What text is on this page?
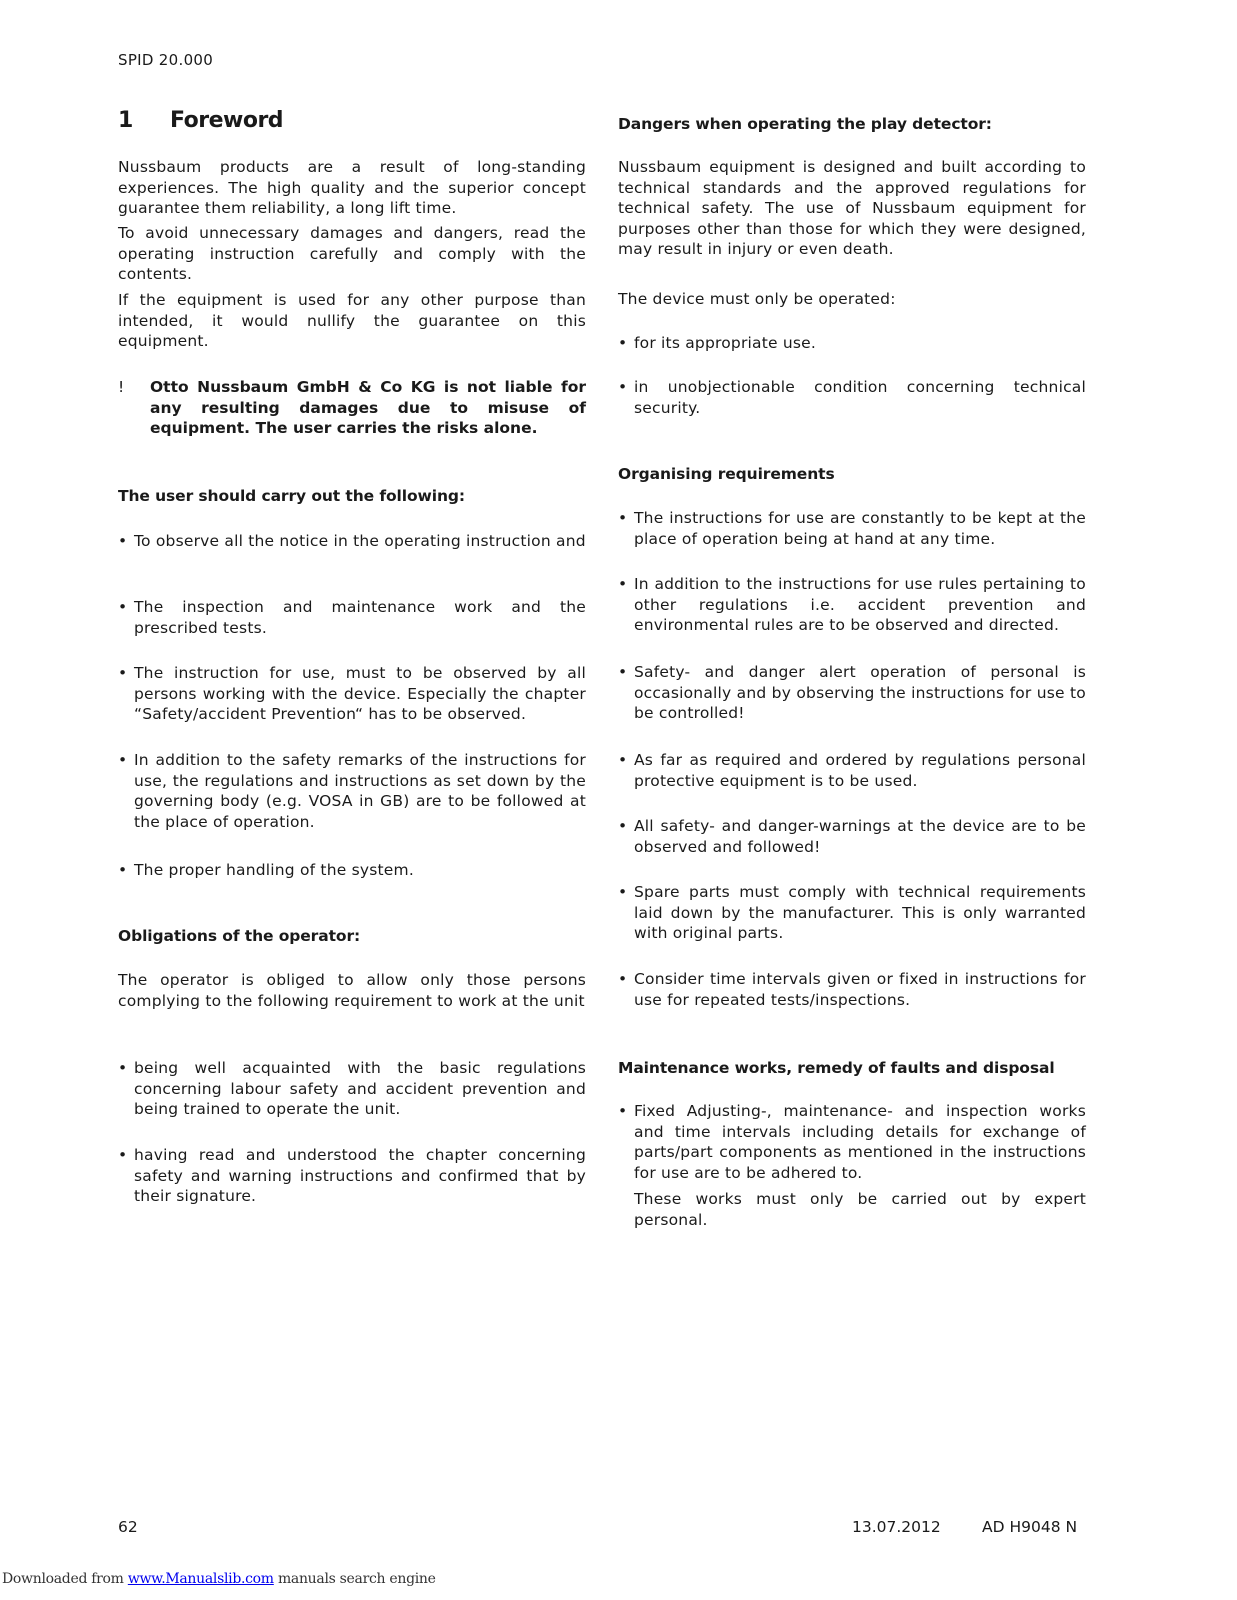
SPID 20.000
1 Foreword

Nussbaum products are a result of long-standing experiences. The high quality and the superior concept guarantee them reliability, a long lift time.

To avoid unnecessary damages and dangers, read the operating instruction carefully and comply with the contents.

If the equipment is used for any other purpose than intended, it would nullify the guarantee on this equipment.

! Otto Nussbaum GmbH & Co KG is not liable for any resulting damages due to misuse of equipment. The user carries the risks alone.

The user should carry out the following:

• To observe all the notice in the operating instruction and
• The inspection and maintenance work and the prescribed tests.
• The instruction for use, must to be observed by all persons working with the device. Especially the chapter “Safety/accident Prevention“ has to be observed.
• In addition to the safety remarks of the instructions for use, the regulations and instructions as set down by the governing body (e.g. VOSA in GB) are to be followed at the place of operation.
• The proper handling of the system.

Obligations of the operator:

The operator is obliged to allow only those persons complying to the following requirement to work at the unit

• being well acquainted with the basic regulations concerning labour safety and accident prevention and being trained to operate the unit.
• having read and understood the chapter concerning safety and warning instructions and confirmed that by their signature.

Dangers when operating the play detector:

Nussbaum equipment is designed and built according to technical standards and the approved regulations for technical safety. The use of Nussbaum equipment for purposes other than those for which they were designed, may result in injury or even death.

The device must only be operated:

• for its appropriate use.
• in unobjectionable condition concerning technical security.

Organising requirements

• The instructions for use are constantly to be kept at the place of operation being at hand at any time.
• In addition to the instructions for use rules pertaining to other regulations i.e. accident prevention and environmental rules are to be observed and directed.
• Safety- and danger alert operation of personal is occasionally and by observing the instructions for use to be controlled!
• As far as required and ordered by regulations personal protective equipment is to be used.
• All safety- and danger-warnings at the device are to be observed and followed!
• Spare parts must comply with technical requirements laid down by the manufacturer. This is only warranted with original parts.
• Consider time intervals given or fixed in instructions for use for repeated tests/inspections.

Maintenance works, remedy of faults and disposal

• Fixed Adjusting-, maintenance- and inspection works and time intervals including details for exchange of parts/part components as mentioned in the instructions for use are to be adhered to.

These works must only be carried out by expert personal.

62	13.07.2012	AD H9048 N
Downloaded from www.Manualslib.com manuals search engine
